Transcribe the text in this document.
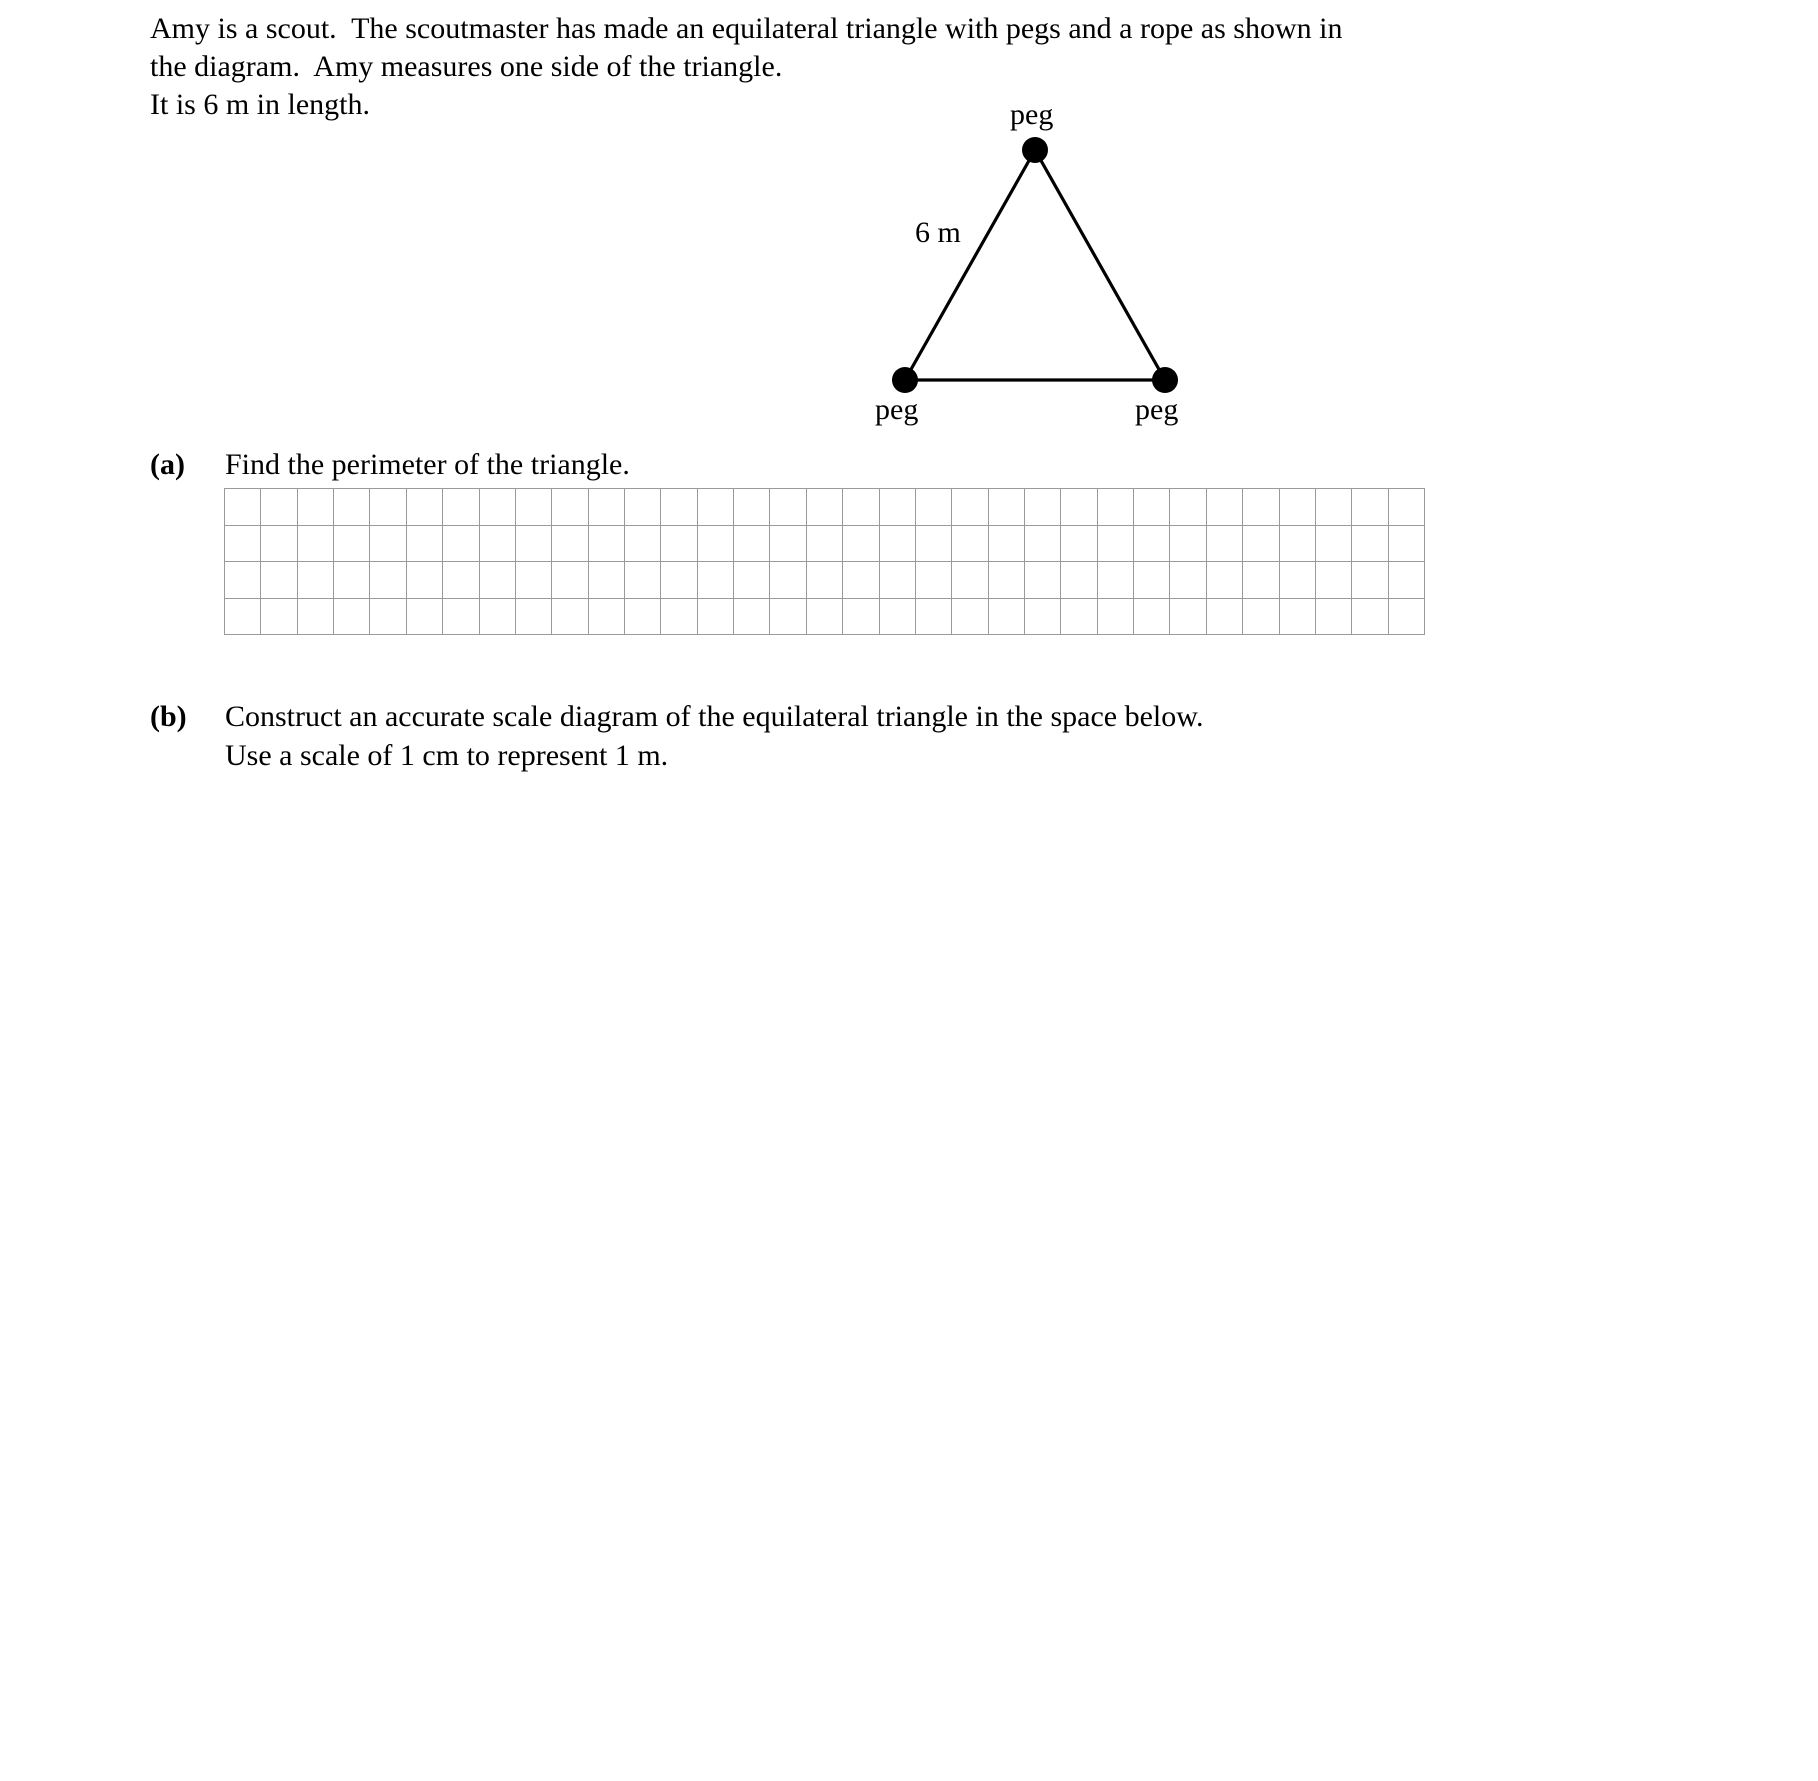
Amy is a scout.  The scoutmaster has made an equilateral triangle with pegs and a rope as shown in
the diagram.  Amy measures one side of the triangle.
It is 6 m in length.	peg
peg	peg
6 m
(a)	Find the perimeter of the triangle.
(b)	Construct an accurate scale diagram of the equilateral triangle in the space below.
Use a scale of 1 cm to represent 1 m.
